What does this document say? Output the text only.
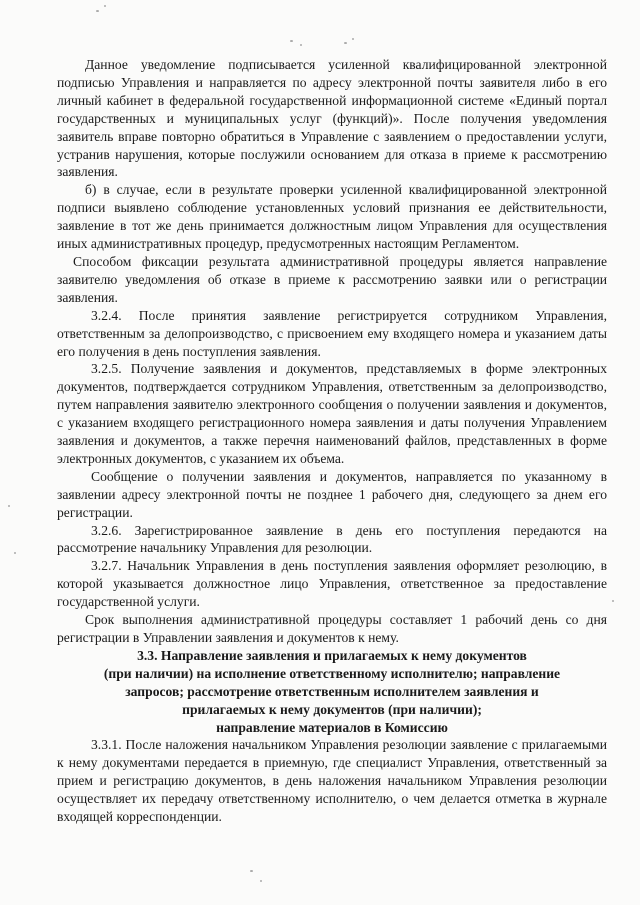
Данное уведомление подписывается усиленной квалифицированной электронной подписью Управления и направляется по адресу электронной почты заявителя либо в его личный кабинет в федеральной государственной информационной системе «Единый портал государственных и муниципальных услуг (функций)». После получения уведомления заявитель вправе повторно обратиться в Управление с заявлением о предоставлении услуги, устранив нарушения, которые послужили основанием для отказа в приеме к рассмотрению заявления.

б) в случае, если в результате проверки усиленной квалифицированной электронной подписи выявлено соблюдение установленных условий признания ее действительности, заявление в тот же день принимается должностным лицом Управления для осуществления иных административных процедур, предусмотренных настоящим Регламентом.

Способом фиксации результата административной процедуры является направление заявителю уведомления об отказе в приеме к рассмотрению заявки или о регистрации заявления.

3.2.4. После принятия заявление регистрируется сотрудником Управления, ответственным за делопроизводство, с присвоением ему входящего номера и указанием даты его получения в день поступления заявления.

3.2.5. Получение заявления и документов, представляемых в форме электронных документов, подтверждается сотрудником Управления, ответственным за делопроизводство, путем направления заявителю электронного сообщения о получении заявления и документов, с указанием входящего регистрационного номера заявления и даты получения Управлением заявления и документов, а также перечня наименований файлов, представленных в форме электронных документов, с указанием их объема.

Сообщение о получении заявления и документов, направляется по указанному в заявлении адресу электронной почты не позднее 1 рабочего дня, следующего за днем его регистрации.

3.2.6. Зарегистрированное заявление в день его поступления передаются на рассмотрение начальнику Управления для резолюции.

3.2.7. Начальник Управления в день поступления заявления оформляет резолюцию, в которой указывается должностное лицо Управления, ответственное за предоставление государственной услуги.

Срок выполнения административной процедуры составляет 1 рабочий день со дня регистрации в Управлении заявления и документов к нему.

3.3. Направление заявления и прилагаемых к нему документов

(при наличии) на исполнение ответственному исполнителю; направление

запросов; рассмотрение ответственным исполнителем заявления и

прилагаемых к нему документов (при наличии);

направление материалов в Комиссию

3.3.1. После наложения начальником Управления резолюции заявление с прилагаемыми к нему документами передается в приемную, где специалист Управления, ответственный за прием и регистрацию документов, в день наложения начальником Управления резолюции осуществляет их передачу ответственному исполнителю, о чем делается отметка в журнале входящей корреспонденции.
